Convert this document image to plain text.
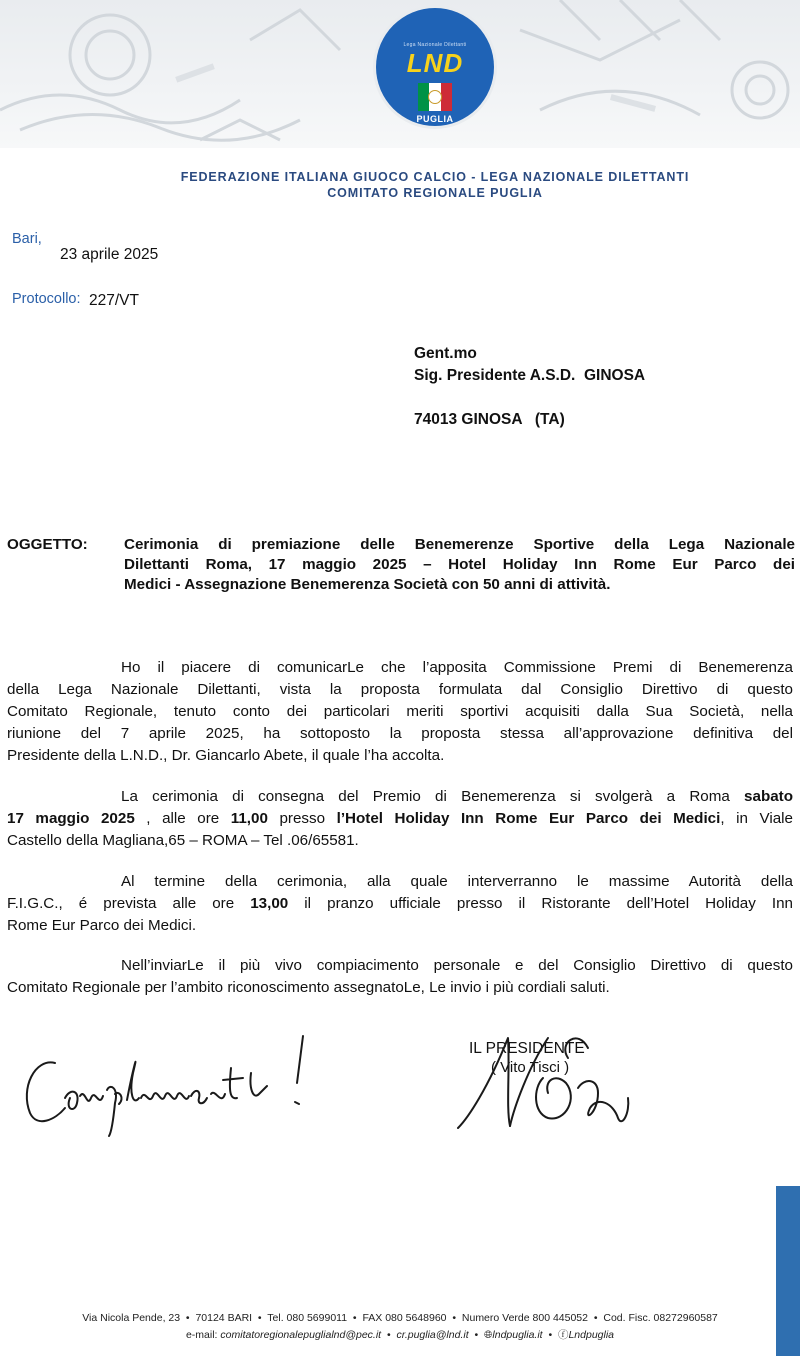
Lega Nazionale Dilettanti
LND
PUGLIA
FEDERAZIONE ITALIANA GIUOCO CALCIO - LEGA NAZIONALE DILETTANTI
COMITATO REGIONALE PUGLIA
Bari,
23 aprile 2025
Protocollo: 227/VT
Gent.mo
Sig. Presidente A.S.D.  GINOSA
74013 GINOSA   (TA)
OGGETTO: Cerimonia di premiazione delle Benemerenze Sportive della Lega Nazionale
Dilettanti Roma, 17 maggio 2025 – Hotel Holiday Inn Rome Eur Parco dei
Medici - Assegnazione Benemerenza Società con 50 anni di attività.
Ho il piacere di comunicarLe che l’apposita Commissione Premi di Benemerenza
della Lega Nazionale Dilettanti, vista la proposta formulata dal Consiglio Direttivo di questo
Comitato Regionale, tenuto conto dei particolari meriti sportivi acquisiti dalla Sua Società, nella
riunione del 7 aprile 2025, ha sottoposto la proposta stessa all’approvazione definitiva del
Presidente della L.N.D., Dr. Giancarlo Abete, il quale l’ha accolta.
La cerimonia di consegna del Premio di Benemerenza si svolgerà a Roma sabato
17 maggio 2025 , alle ore 11,00 presso l’Hotel Holiday Inn Rome Eur Parco dei Medici, in Viale
Castello della Magliana,65 – ROMA – Tel .06/65581.
Al termine della cerimonia, alla quale interverranno le massime Autorità della
F.I.G.C., é prevista alle ore 13,00 il pranzo ufficiale presso il Ristorante dell’Hotel Holiday Inn
Rome Eur Parco dei Medici.
Nell’inviarLe il più vivo compiacimento personale e del Consiglio Direttivo di questo
Comitato Regionale per l’ambito riconoscimento assegnatoLe, Le invio i più cordiali saluti.
IL PRESIDENTE
( Vito Tisci )
Via Nicola Pende, 23 • 70124 BARI • Tel. 080 5699011 • FAX 080 5648960 • Numero Verde 800 445052 • Cod. Fisc. 08272960587
e-mail: comitatoregionalepuglialnd@pec.it • cr.puglia@lnd.it • 🌐︎lndpuglia.it • ⓕLndpuglia
